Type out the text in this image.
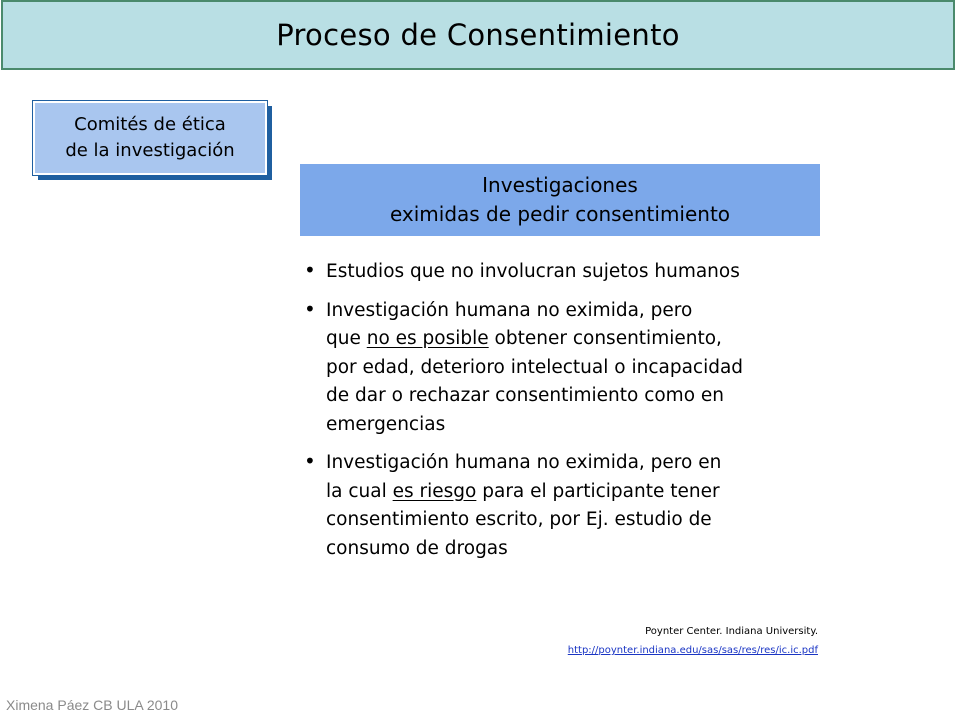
Proceso de Consentimiento
Comités de ética
de la investigación
Investigaciones
eximidas de pedir consentimiento
• Estudios que no involucran sujetos humanos
• Investigación humana no eximida, pero
que no es posible obtener consentimiento,
por edad, deterioro intelectual o incapacidad
de dar o rechazar consentimiento como en
emergencias
• Investigación humana no eximida, pero en
la cual es riesgo para el participante tener
consentimiento escrito, por Ej. estudio de
consumo de drogas
Poynter Center. Indiana University.
http://poynter.indiana.edu/sas/sas/res/res/ic.ic.pdf
Ximena Páez CB ULA 2010
